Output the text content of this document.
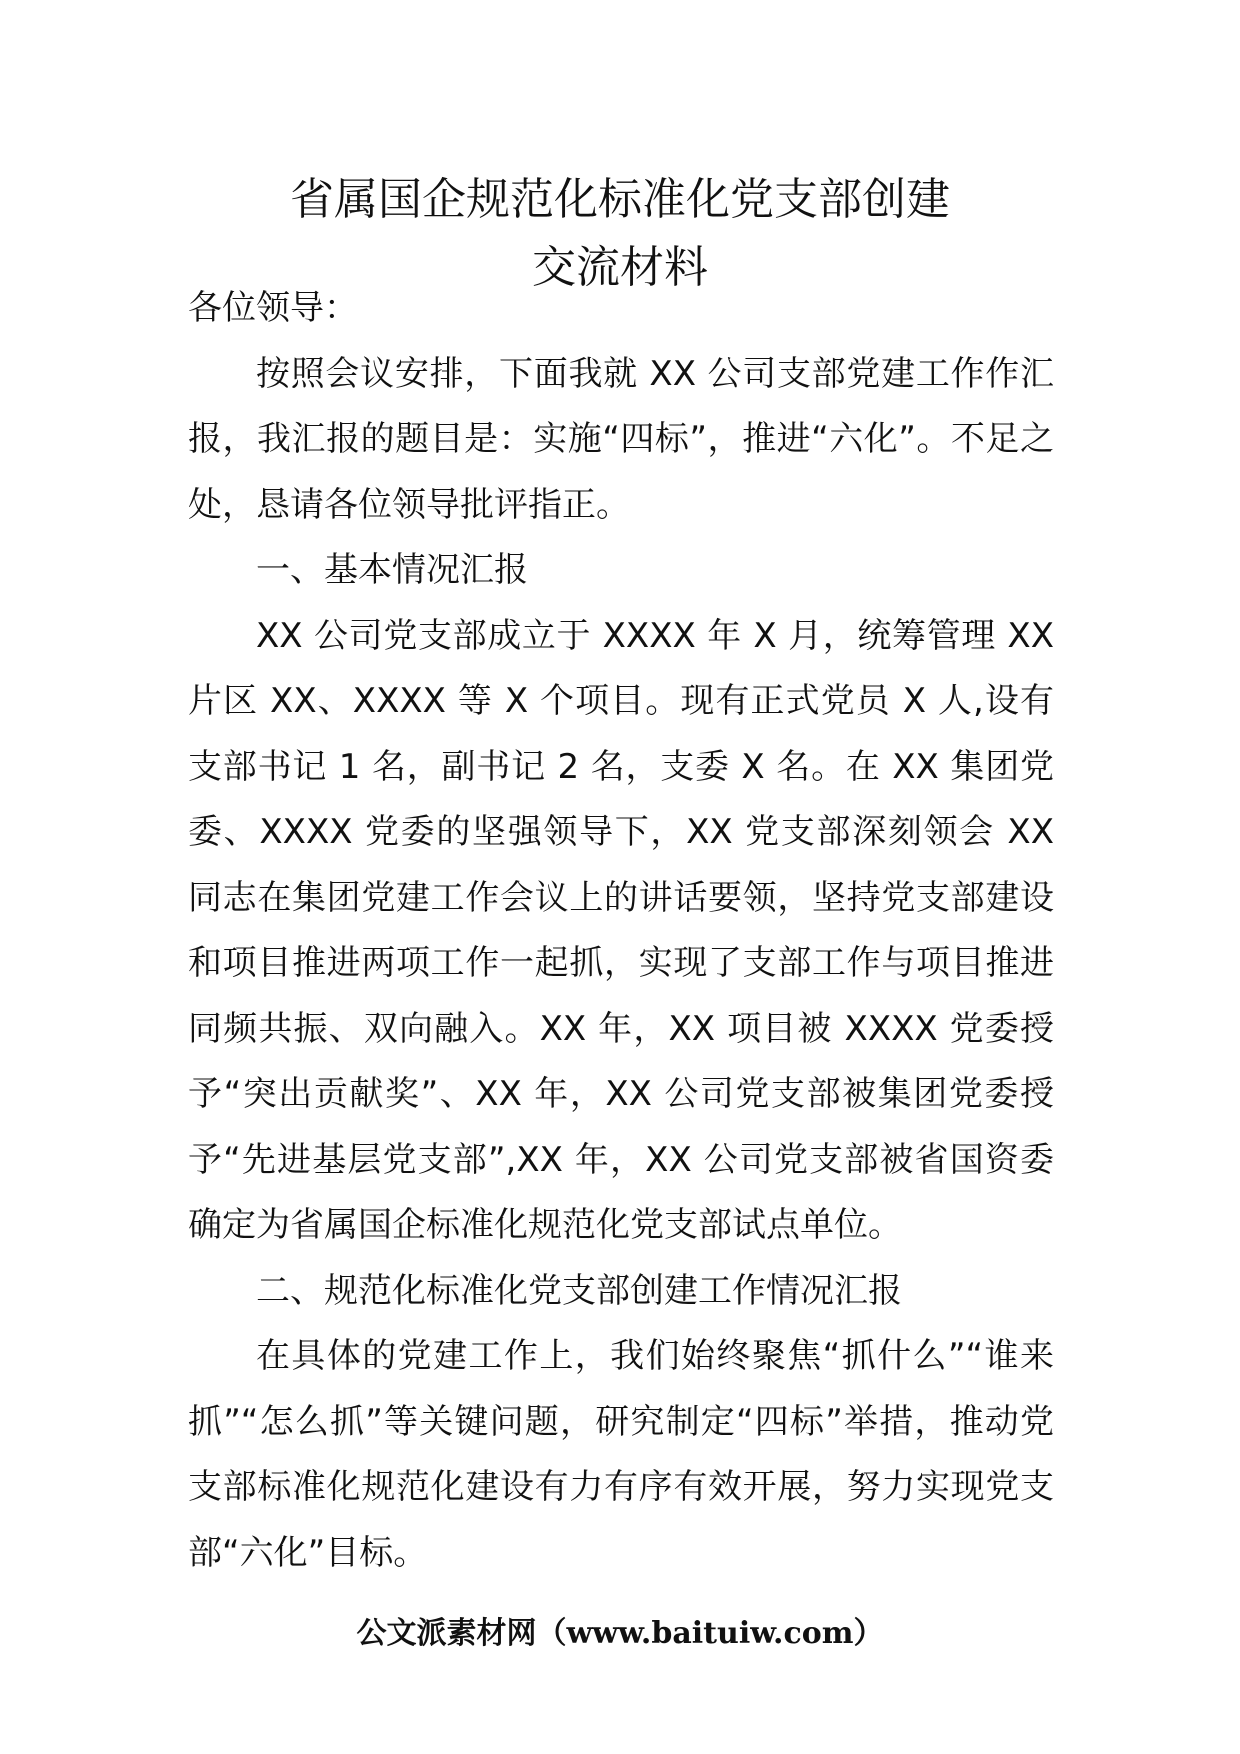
省属国企规范化标准化党支部创建
交流材料

各位领导：

按照会议安排，下面我就 XX 公司支部党建工作作汇报，我汇报的题目是：实施“四标”，推进“六化”。不足之处，恳请各位领导批评指正。

一、基本情况汇报

XX 公司党支部成立于 XXXX 年 X 月，统筹管理 XX 片区 XX、XXXX 等 X 个项目。现有正式党员 X 人,设有支部书记 1 名，副书记 2 名，支委 X 名。在 XX 集团党委、XXXX 党委的坚强领导下，XX 党支部深刻领会 XX 同志在集团党建工作会议上的讲话要领，坚持党支部建设和项目推进两项工作一起抓，实现了支部工作与项目推进同频共振、双向融入。XX 年，XX 项目被 XXXX 党委授予“突出贡献奖”、XX 年，XX 公司党支部被集团党委授予“先进基层党支部”,XX 年，XX 公司党支部被省国资委确定为省属国企标准化规范化党支部试点单位。

二、规范化标准化党支部创建工作情况汇报

在具体的党建工作上，我们始终聚焦“抓什么”“谁来抓”“怎么抓”等关键问题，研究制定“四标”举措，推动党支部标准化规范化建设有力有序有效开展，努力实现党支部“六化”目标。

公文派素材网（www.baituiw.com）
